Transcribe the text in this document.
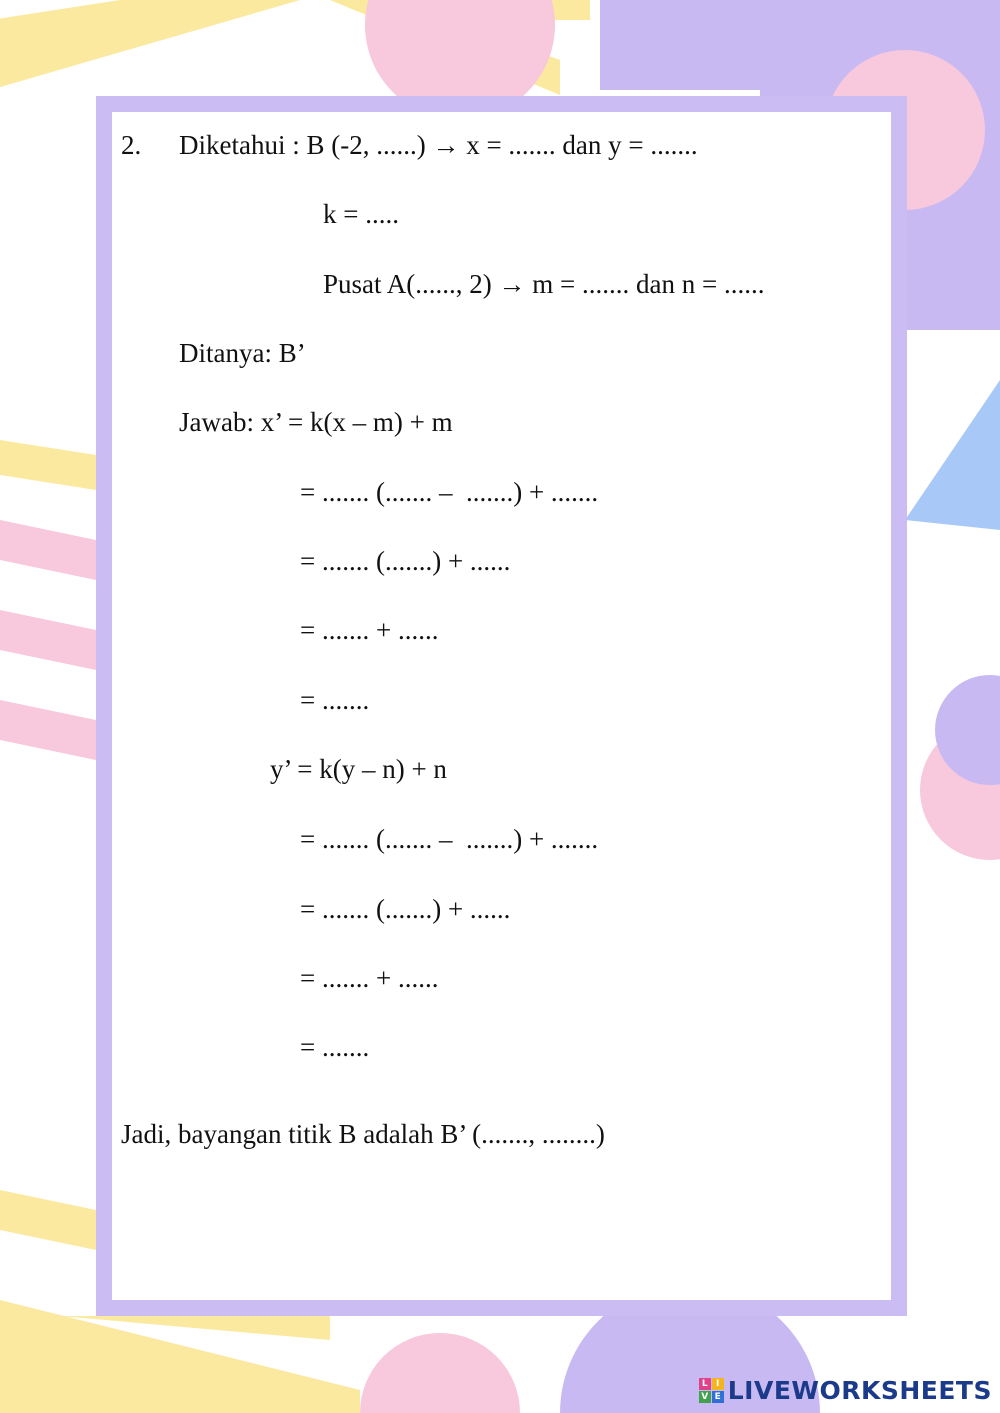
2. Diketahui : B (-2, ......) → x = ....... dan y = .......
k = .....
Pusat A(......, 2) → m = ....... dan n = ......
Ditanya: B’
Jawab: x’ = k(x – m) + m
= ....... (....... –  .......) + .......
= ....... (.......) + ......
= ....... + ......
= .......
y’ = k(y – n) + n
= ....... (....... –  .......) + .......
= ....... (.......) + ......
= ....... + ......
= .......
Jadi, bayangan titik B adalah B’ (......., ........)
L I
V E LIVEWORKSHEETS
